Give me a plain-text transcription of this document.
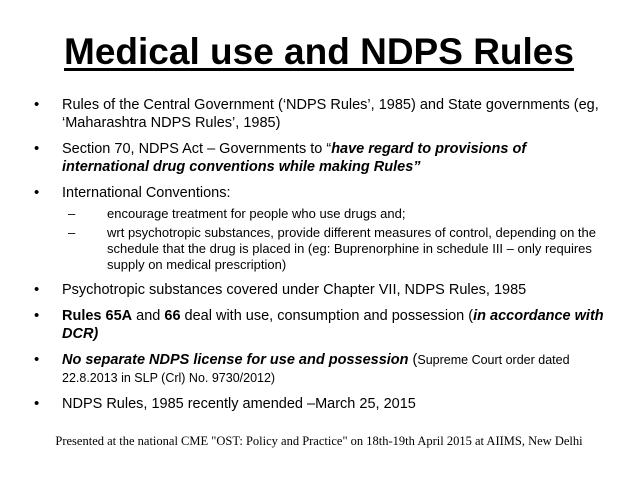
Medical use and NDPS Rules
• Rules of the Central Government (‘NDPS Rules’, 1985) and State governments (eg, ‘Maharashtra NDPS Rules’, 1985)
• Section 70, NDPS Act – Governments to “have regard to provisions of international drug conventions while making Rules”
• International Conventions:
– encourage treatment for people who use drugs and;
– wrt psychotropic substances, provide different measures of control, depending on the schedule that the drug is placed in (eg: Buprenorphine in schedule III – only requires supply on medical prescription)
• Psychotropic substances covered under Chapter VII, NDPS Rules, 1985
• Rules 65A and 66 deal with use, consumption and possession (in accordance with DCR)
• No separate NDPS license for use and possession (Supreme Court order dated 22.8.2013 in SLP (Crl) No. 9730/2012)
• NDPS Rules, 1985 recently amended –March 25, 2015
Presented at the national CME "OST: Policy and Practice" on 18th-19th April 2015 at AIIMS, New Delhi
